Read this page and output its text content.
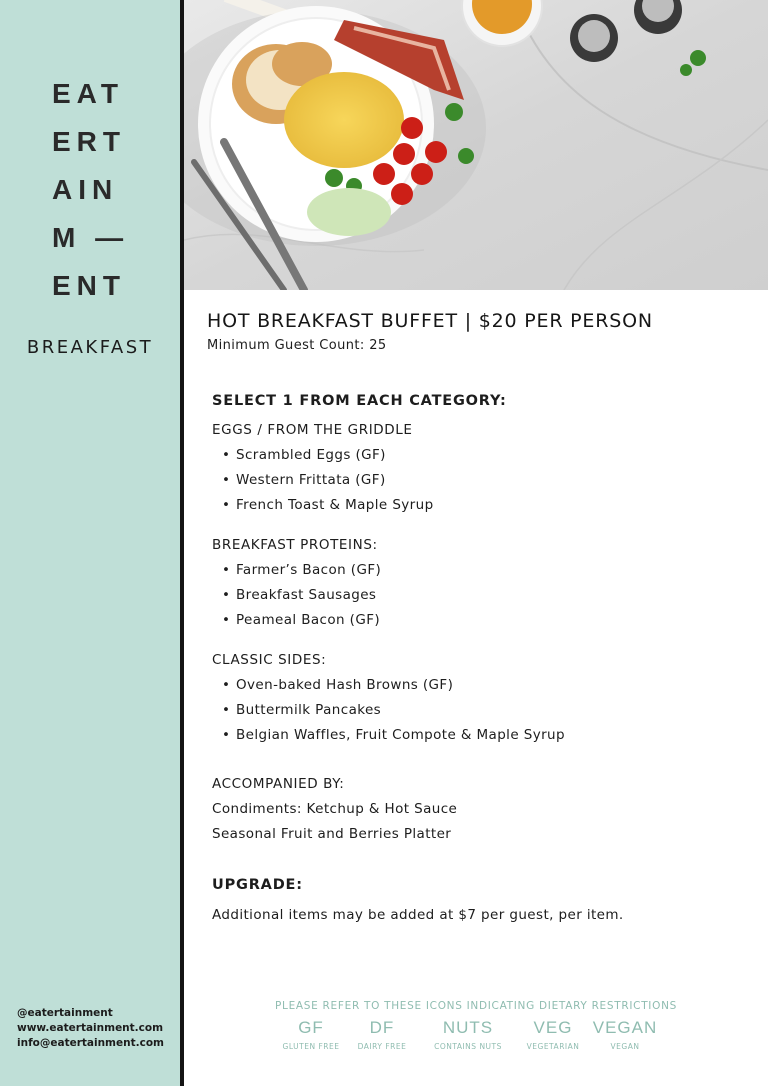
EAT
ERT
AIN
M —
ENT
BREAKFAST
@eatertainment
www.eatertainment.com
info@eatertainment.com
HOT BREAKFAST BUFFET | $20 PER PERSON
Minimum Guest Count: 25
SELECT 1 FROM EACH CATEGORY:
EGGS / FROM THE GRIDDLE
• Scrambled Eggs (GF)
• Western Frittata (GF)
• French Toast & Maple Syrup
BREAKFAST PROTEINS:
• Farmer’s Bacon (GF)
• Breakfast Sausages
• Peameal Bacon (GF)
CLASSIC SIDES:
• Oven-baked Hash Browns (GF)
• Buttermilk Pancakes
• Belgian Waffles, Fruit Compote & Maple Syrup
ACCOMPANIED BY:
Condiments: Ketchup & Hot Sauce
Seasonal Fruit and Berries Platter
UPGRADE:
Additional items may be added at $7 per guest, per item.
PLEASE REFER TO THESE ICONS INDICATING DIETARY RESTRICTIONS
GF
GLUTEN FREE
DF
DAIRY FREE
NUTS
CONTAINS NUTS
VEG
VEGETARIAN
VEGAN
VEGAN
